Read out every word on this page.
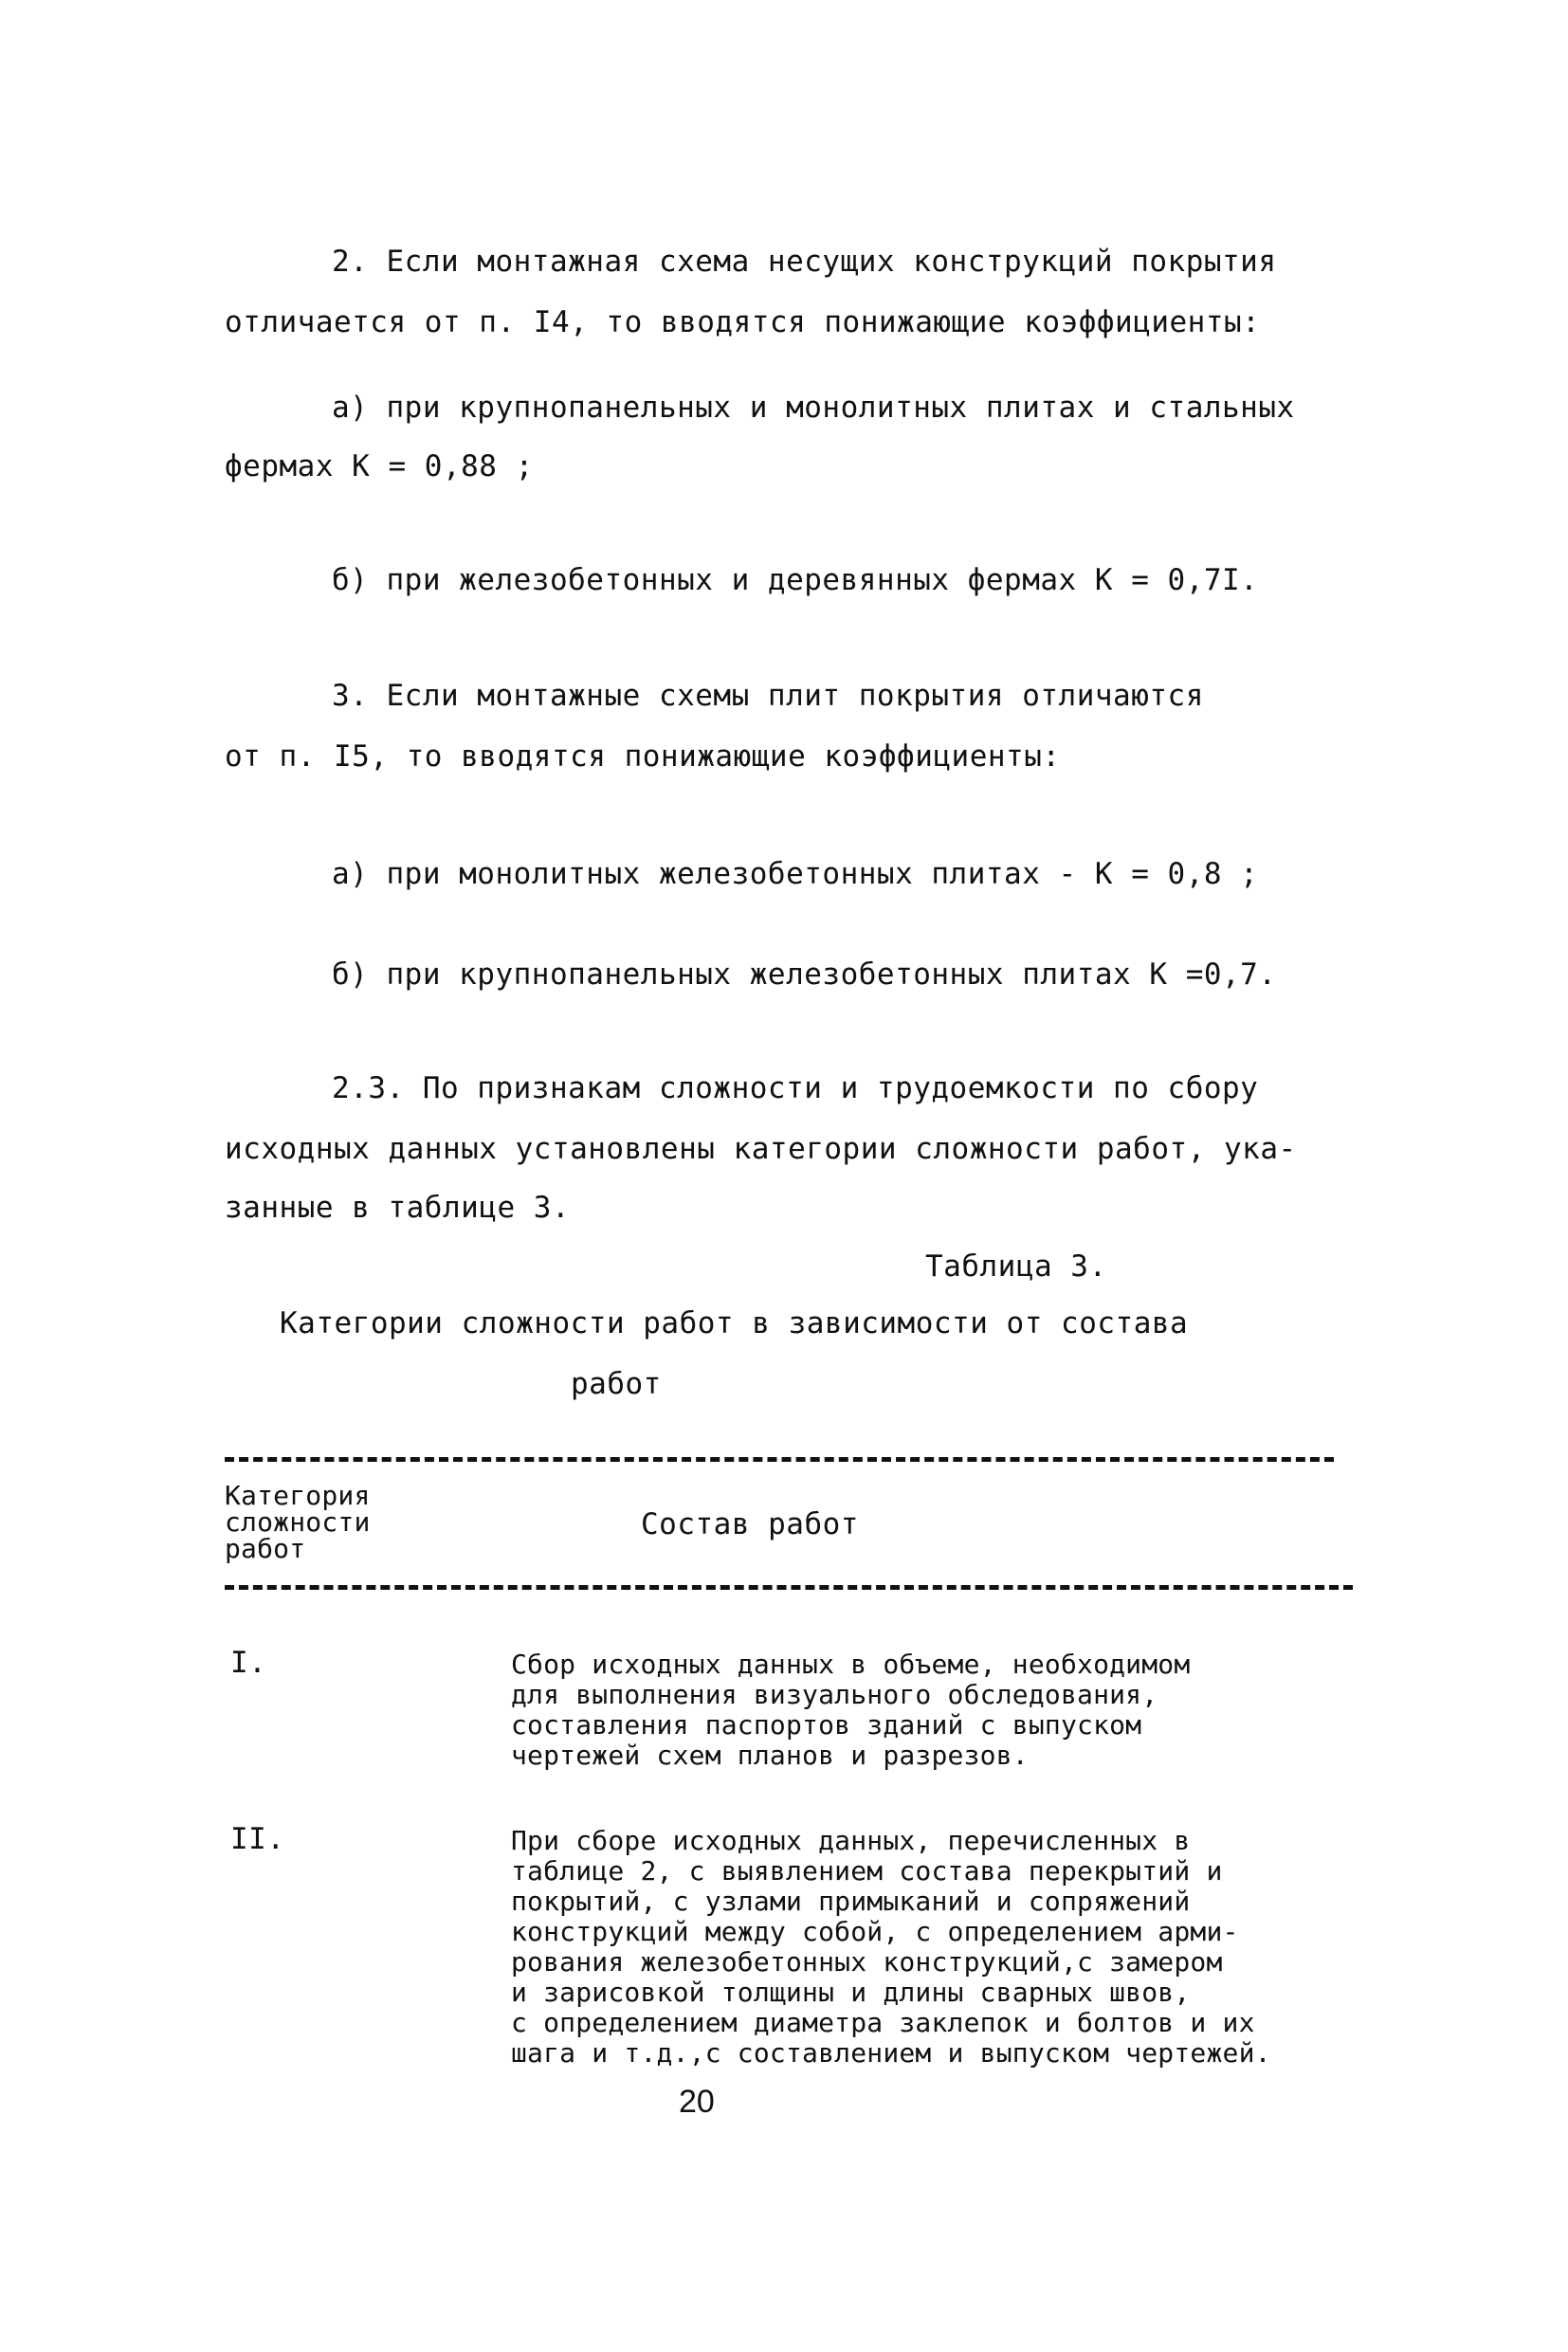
2. Если монтажная схема несущих конструкций покрытия
отличается от п. I4, то вводятся понижающие коэффициенты:
а) при крупнопанельных и монолитных плитах и стальных
фермах К = 0,88 ;
б) при железобетонных и деревянных фермах К = 0,7I.
3. Если монтажные схемы плит покрытия отличаются
от п. I5, то вводятся понижающие коэффициенты:
а) при монолитных железобетонных плитах - К = 0,8 ;
б) при крупнопанельных железобетонных плитах К =0,7.
2.3. По признакам сложности и трудоемкости по сбору
исходных данных установлены категории сложности работ, ука-
занные в таблице 3.
Таблица 3.
Категории сложности работ в зависимости от состава
работ
Категория
сложности
работ
Состав работ
I.	Сбор исходных данных в объеме, необходимом
для выполнения визуального обследования,
составления паспортов зданий с выпуском
чертежей схем планов и разрезов.
II.	При сборе исходных данных, перечисленных в
таблице 2, с выявлением состава перекрытий и
покрытий, с узлами примыканий и сопряжений
конструкций между собой, с определением арми-
рования железобетонных конструкций,с замером
и зарисовкой толщины и длины сварных швов,
с определением диаметра заклепок и болтов и их
шага и т.д.,с составлением и выпуском чертежей.
20
